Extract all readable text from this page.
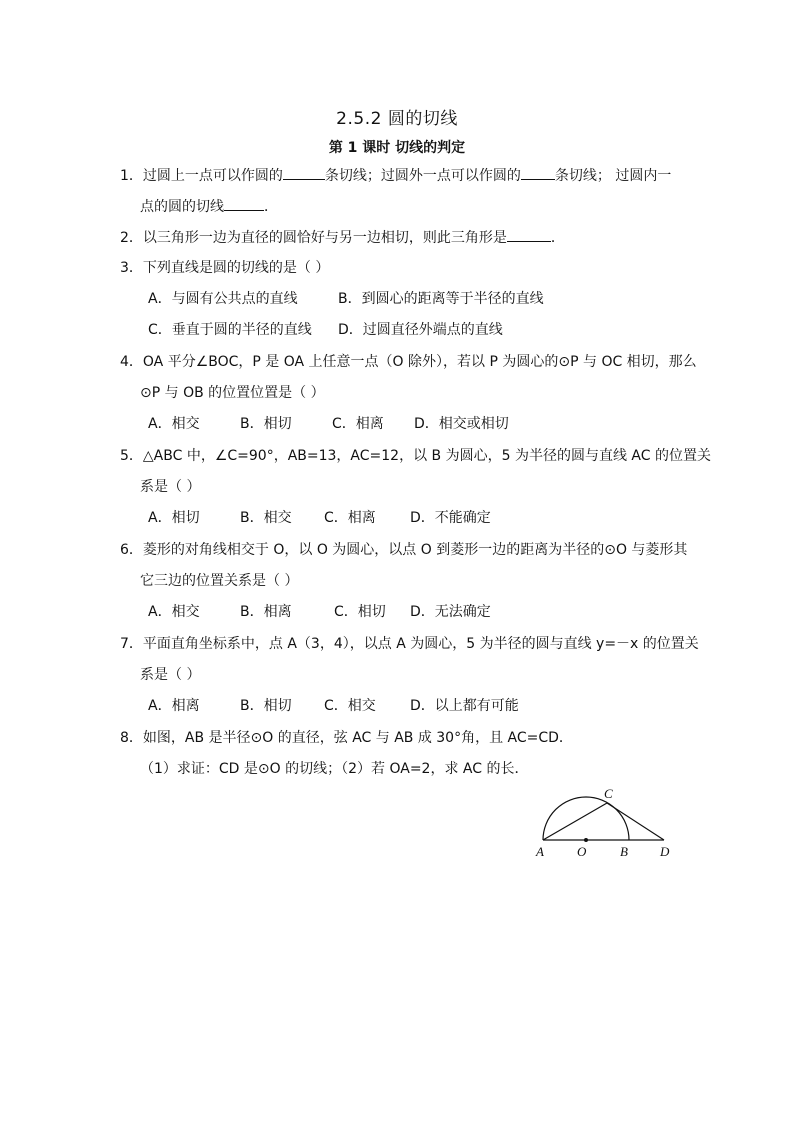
2.5.2 圆的切线
第 1 课时 切线的判定
1．过圆上一点可以作圆的	条切线；过圆外一点可以作圆的 条切线； 过圆内一
点的圆的切线	．
2．以三角形一边为直径的圆恰好与另一边相切，则此三角形是	．
3．下列直线是圆的切线的是（ ）
A．与圆有公共点的直线	B．到圆心的距离等于半径的直线
C．垂直于圆的半径的直线 D．过圆直径外端点的直线
4．OA 平分∠BOC，P 是 OA 上任意一点（O 除外），若以 P 为圆心的⊙P 与 OC 相切，那么
⊙P 与 OB 的位置位置是（ ）
A．相交	B．相切	C．相离 D．相交或相切
5．△ABC 中，∠C=90°，AB=13，AC=12，以 B 为圆心，5 为半径的圆与直线 AC 的位置关
系是（ ）
A．相切	B．相交 C．相离 D．不能确定
6．菱形的对角线相交于 O，以 O 为圆心，以点 O 到菱形一边的距离为半径的⊙O 与菱形其
它三边的位置关系是（ ）
A．相交	B．相离	C．相切 D．无法确定
7．平面直角坐标系中，点 A（3，4），以点 A 为圆心，5 为半径的圆与直线 y=－x 的位置关
系是（ ）
A．相离	B．相切 C．相交 D．以上都有可能
8．如图，AB 是半径⊙O 的直径，弦 AC 与 AB 成 30°角，且 AC=CD．
（1）求证：CD 是⊙O 的切线；（2）若 OA=2，求 AC 的长．
A	O	B
C
D
